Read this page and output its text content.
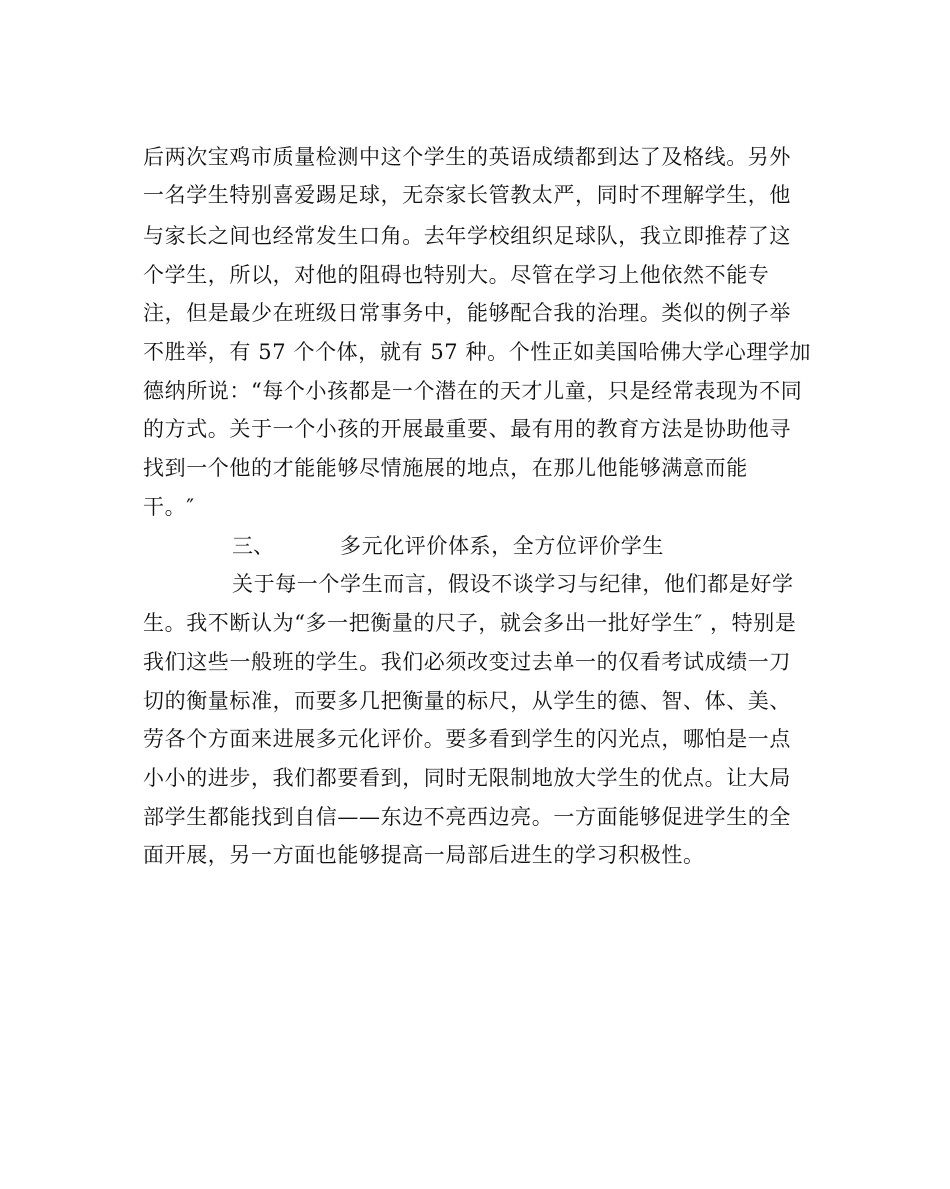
后两次宝鸡市质量检测中这个学生的英语成绩都到达了及格线。另外
一名学生特别喜爱踢足球，无奈家长管教太严，同时不理解学生，他
与家长之间也经常发生口角。去年学校组织足球队，我立即推荐了这
个学生，所以，对他的阻碍也特别大。尽管在学习上他依然不能专
注，但是最少在班级日常事务中，能够配合我的治理。类似的例子举
不胜举，有 57 个个体，就有 57 种。个性正如美国哈佛大学心理学加
德纳所说：“每个小孩都是一个潜在的天才儿童，只是经常表现为不同
的方式。关于一个小孩的开展最重要、最有用的教育方法是协助他寻
找到一个他的才能能够尽情施展的地点，在那儿他能够满意而能
干。″
三、	多元化评价体系，全方位评价学生
关于每一个学生而言，假设不谈学习与纪律，他们都是好学
生。我不断认为“多一把衡量的尺子，就会多出一批好学生″ ，特别是
我们这些一般班的学生。我们必须改变过去单一的仅看考试成绩一刀
切的衡量标准，而要多几把衡量的标尺，从学生的德、智、体、美、
劳各个方面来进展多元化评价。要多看到学生的闪光点，哪怕是一点
小小的进步，我们都要看到，同时无限制地放大学生的优点。让大局
部学生都能找到自信——东边不亮西边亮。一方面能够促进学生的全
面开展，另一方面也能够提高一局部后进生的学习积极性。
